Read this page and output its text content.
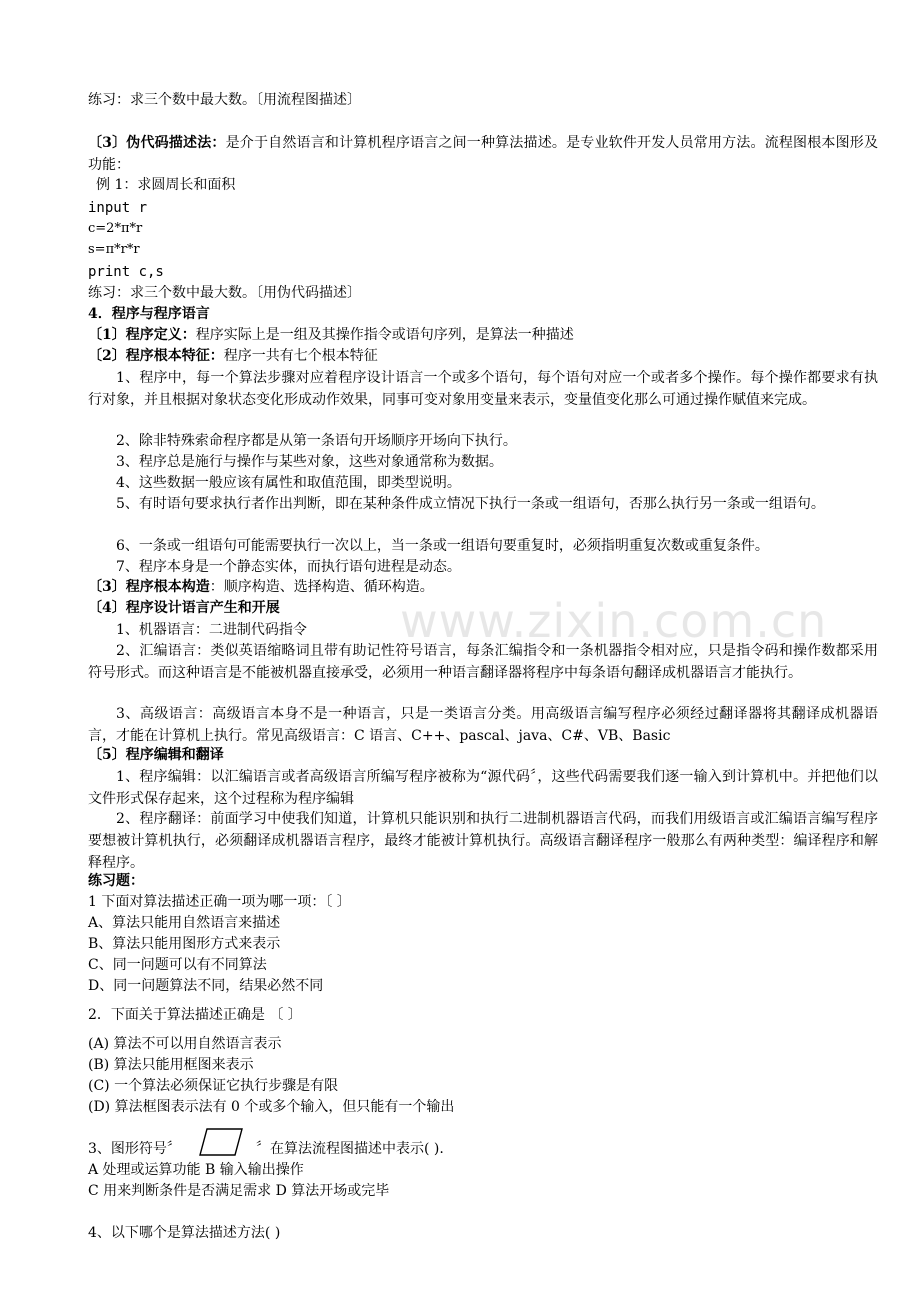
www.zixin.com.cn
练习：求三个数中最大数。〔用流程图描述〕
〔3〕伪代码描述法：是介于自然语言和计算机程序语言之间一种算法描述。是专业软件开发人员常用方法。流程图根本图形及功能：
例 1：求圆周长和面积
input r
c=2*π*r
s=π*r*r
print c,s
练习：求三个数中最大数。〔用伪代码描述〕
4．程序与程序语言
〔1〕程序定义：程序实际上是一组及其操作指令或语句序列，是算法一种描述
〔2〕程序根本特征：程序一共有七个根本特征
1、程序中，每一个算法步骤对应着程序设计语言一个或多个语句，每个语句对应一个或者多个操作。每个操作都要求有执行对象，并且根据对象状态变化形成动作效果，同事可变对象用变量来表示，变量值变化那么可通过操作赋值来完成。
2、除非特殊索命程序都是从第一条语句开场顺序开场向下执行。
3、程序总是施行与操作与某些对象，这些对象通常称为数据。
4、这些数据一般应该有属性和取值范围，即类型说明。
5、有时语句要求执行者作出判断，即在某种条件成立情况下执行一条或一组语句，否那么执行另一条或一组语句。
6、一条或一组语句可能需要执行一次以上，当一条或一组语句要重复时，必须指明重复次数或重复条件。
7、程序本身是一个静态实体，而执行语句进程是动态。
〔3〕程序根本构造：顺序构造、选择构造、循环构造。
〔4〕程序设计语言产生和开展
1、机器语言：二进制代码指令
2、汇编语言：类似英语缩略词且带有助记性符号语言，每条汇编指令和一条机器指令相对应，只是指令码和操作数都采用符号形式。而这种语言是不能被机器直接承受，必须用一种语言翻译器将程序中每条语句翻译成机器语言才能执行。
3、高级语言：高级语言本身不是一种语言，只是一类语言分类。用高级语言编写程序必须经过翻译器将其翻译成机器语言，才能在计算机上执行。常见高级语言：C 语言、C++、pascal、java、C#、VB、Basic
〔5〕程序编辑和翻译
1、程序编辑：以汇编语言或者高级语言所编写程序被称为“源代码〞，这些代码需要我们逐一输入到计算机中。并把他们以文件形式保存起来，这个过程称为程序编辑
2、程序翻译：前面学习中使我们知道，计算机只能识别和执行二进制机器语言代码，而我们用级语言或汇编语言编写程序要想被计算机执行，必须翻译成机器语言程序，最终才能被计算机执行。高级语言翻译程序一般那么有两种类型：编译程序和解释程序。
练习题：
1 下面对算法描述正确一项为哪一项：〔 〕
A、算法只能用自然语言来描述
B、算法只能用图形方式来表示
C、同一问题可以有不同算法
D、同一问题算法不同，结果必然不同
2．下面关于算法描述正确是 〔 〕
(A) 算法不可以用自然语言表示
(B) 算法只能用框图来表示
(C) 一个算法必须保证它执行步骤是有限
(D) 算法框图表示法有 0 个或多个输入，但只能有一个输出
3、图形符号〞	〞在算法流程图描述中表示( ).
A 处理或运算功能 B 输入输出操作
C 用来判断条件是否满足需求 D 算法开场或完毕
4、以下哪个是算法描述方法( )
